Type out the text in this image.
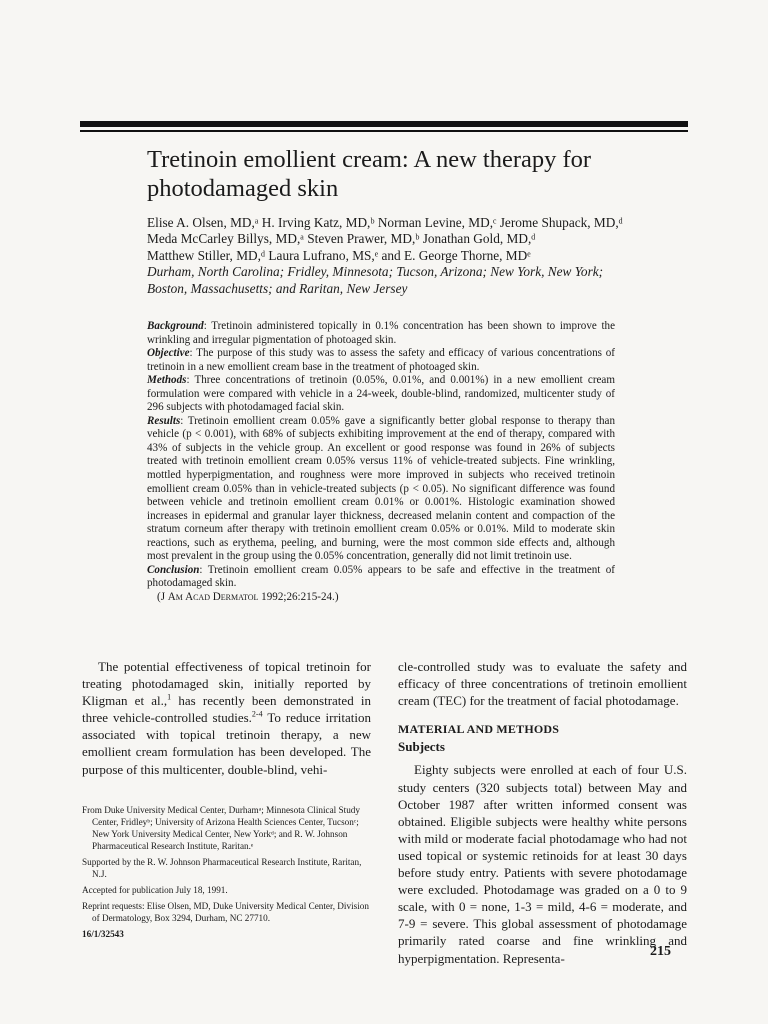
Tretinoin emollient cream: A new therapy for photodamaged skin
Elise A. Olsen, MD,ᵃ H. Irving Katz, MD,ᵇ Norman Levine, MD,ᶜ Jerome Shupack, MD,ᵈ
Meda McCarley Billys, MD,ᵃ Steven Prawer, MD,ᵇ Jonathan Gold, MD,ᵈ
Matthew Stiller, MD,ᵈ Laura Lufrano, MS,ᵉ and E. George Thorne, MDᵉ
Durham, North Carolina; Fridley, Minnesota; Tucson, Arizona; New York, New York;
Boston, Massachusetts; and Raritan, New Jersey

Background: Tretinoin administered topically in 0.1% concentration has been shown to improve the wrinkling and irregular pigmentation of photoaged skin.

Objective: The purpose of this study was to assess the safety and efficacy of various concentrations of tretinoin in a new emollient cream base in the treatment of photoaged skin.

Methods: Three concentrations of tretinoin (0.05%, 0.01%, and 0.001%) in a new emollient cream formulation were compared with vehicle in a 24-week, double-blind, randomized, multicenter study of 296 subjects with photodamaged facial skin.

Results: Tretinoin emollient cream 0.05% gave a significantly better global response to therapy than vehicle (p < 0.001), with 68% of subjects exhibiting improvement at the end of therapy, compared with 43% of subjects in the vehicle group. An excellent or good response was found in 26% of subjects treated with tretinoin emollient cream 0.05% versus 11% of vehicle-treated subjects. Fine wrinkling, mottled hyperpigmentation, and roughness were more improved in subjects who received tretinoin emollient cream 0.05% than in vehicle-treated subjects (p < 0.05). No significant difference was found between vehicle and tretinoin emollient cream 0.01% or 0.001%. Histologic examination showed increases in epidermal and granular layer thickness, decreased melanin content and compaction of the stratum corneum after therapy with tretinoin emollient cream 0.05% or 0.01%. Mild to moderate skin reactions, such as erythema, peeling, and burning, were the most common side effects and, although most prevalent in the group using the 0.05% concentration, generally did not limit tretinoin use.

Conclusion: Tretinoin emollient cream 0.05% appears to be safe and effective in the treatment of photodamaged skin.

(J Am Acad Dermatol 1992;26:215-24.)

The potential effectiveness of topical tretinoin for treating photodamaged skin, initially reported by Kligman et al.,$^1$ has recently been demonstrated in three vehicle-controlled studies.$^{2-4}$ To reduce irritation associated with topical tretinoin therapy, a new emollient cream formulation has been developed. The purpose of this multicenter, double-blind, vehi-

From Duke University Medical Center, Durhamᵃ; Minnesota Clinical Study Center, Fridleyᵇ; University of Arizona Health Sciences Center, Tucsonᶜ; New York University Medical Center, New Yorkᵈ; and R. W. Johnson Pharmaceutical Research Institute, Raritan.ᵉ

Supported by the R. W. Johnson Pharmaceutical Research Institute, Raritan, N.J.

Accepted for publication July 18, 1991.

Reprint requests: Elise Olsen, MD, Duke University Medical Center, Division of Dermatology, Box 3294, Durham, NC 27710.

16/1/32543

cle-controlled study was to evaluate the safety and efficacy of three concentrations of tretinoin emollient cream (TEC) for the treatment of facial photodamage.

MATERIAL AND METHODS

Subjects

Eighty subjects were enrolled at each of four U.S. study centers (320 subjects total) between May and October 1987 after written informed consent was obtained. Eligible subjects were healthy white persons with mild or moderate facial photodamage who had not used topical or systemic retinoids for at least 30 days before study entry. Patients with severe photodamage were excluded. Photodamage was graded on a 0 to 9 scale, with 0 = none, 1-3 = mild, 4-6 = moderate, and 7-9 = severe. This global assessment of photodamage primarily rated coarse and fine wrinkling and hyperpigmentation. Representa-	215
